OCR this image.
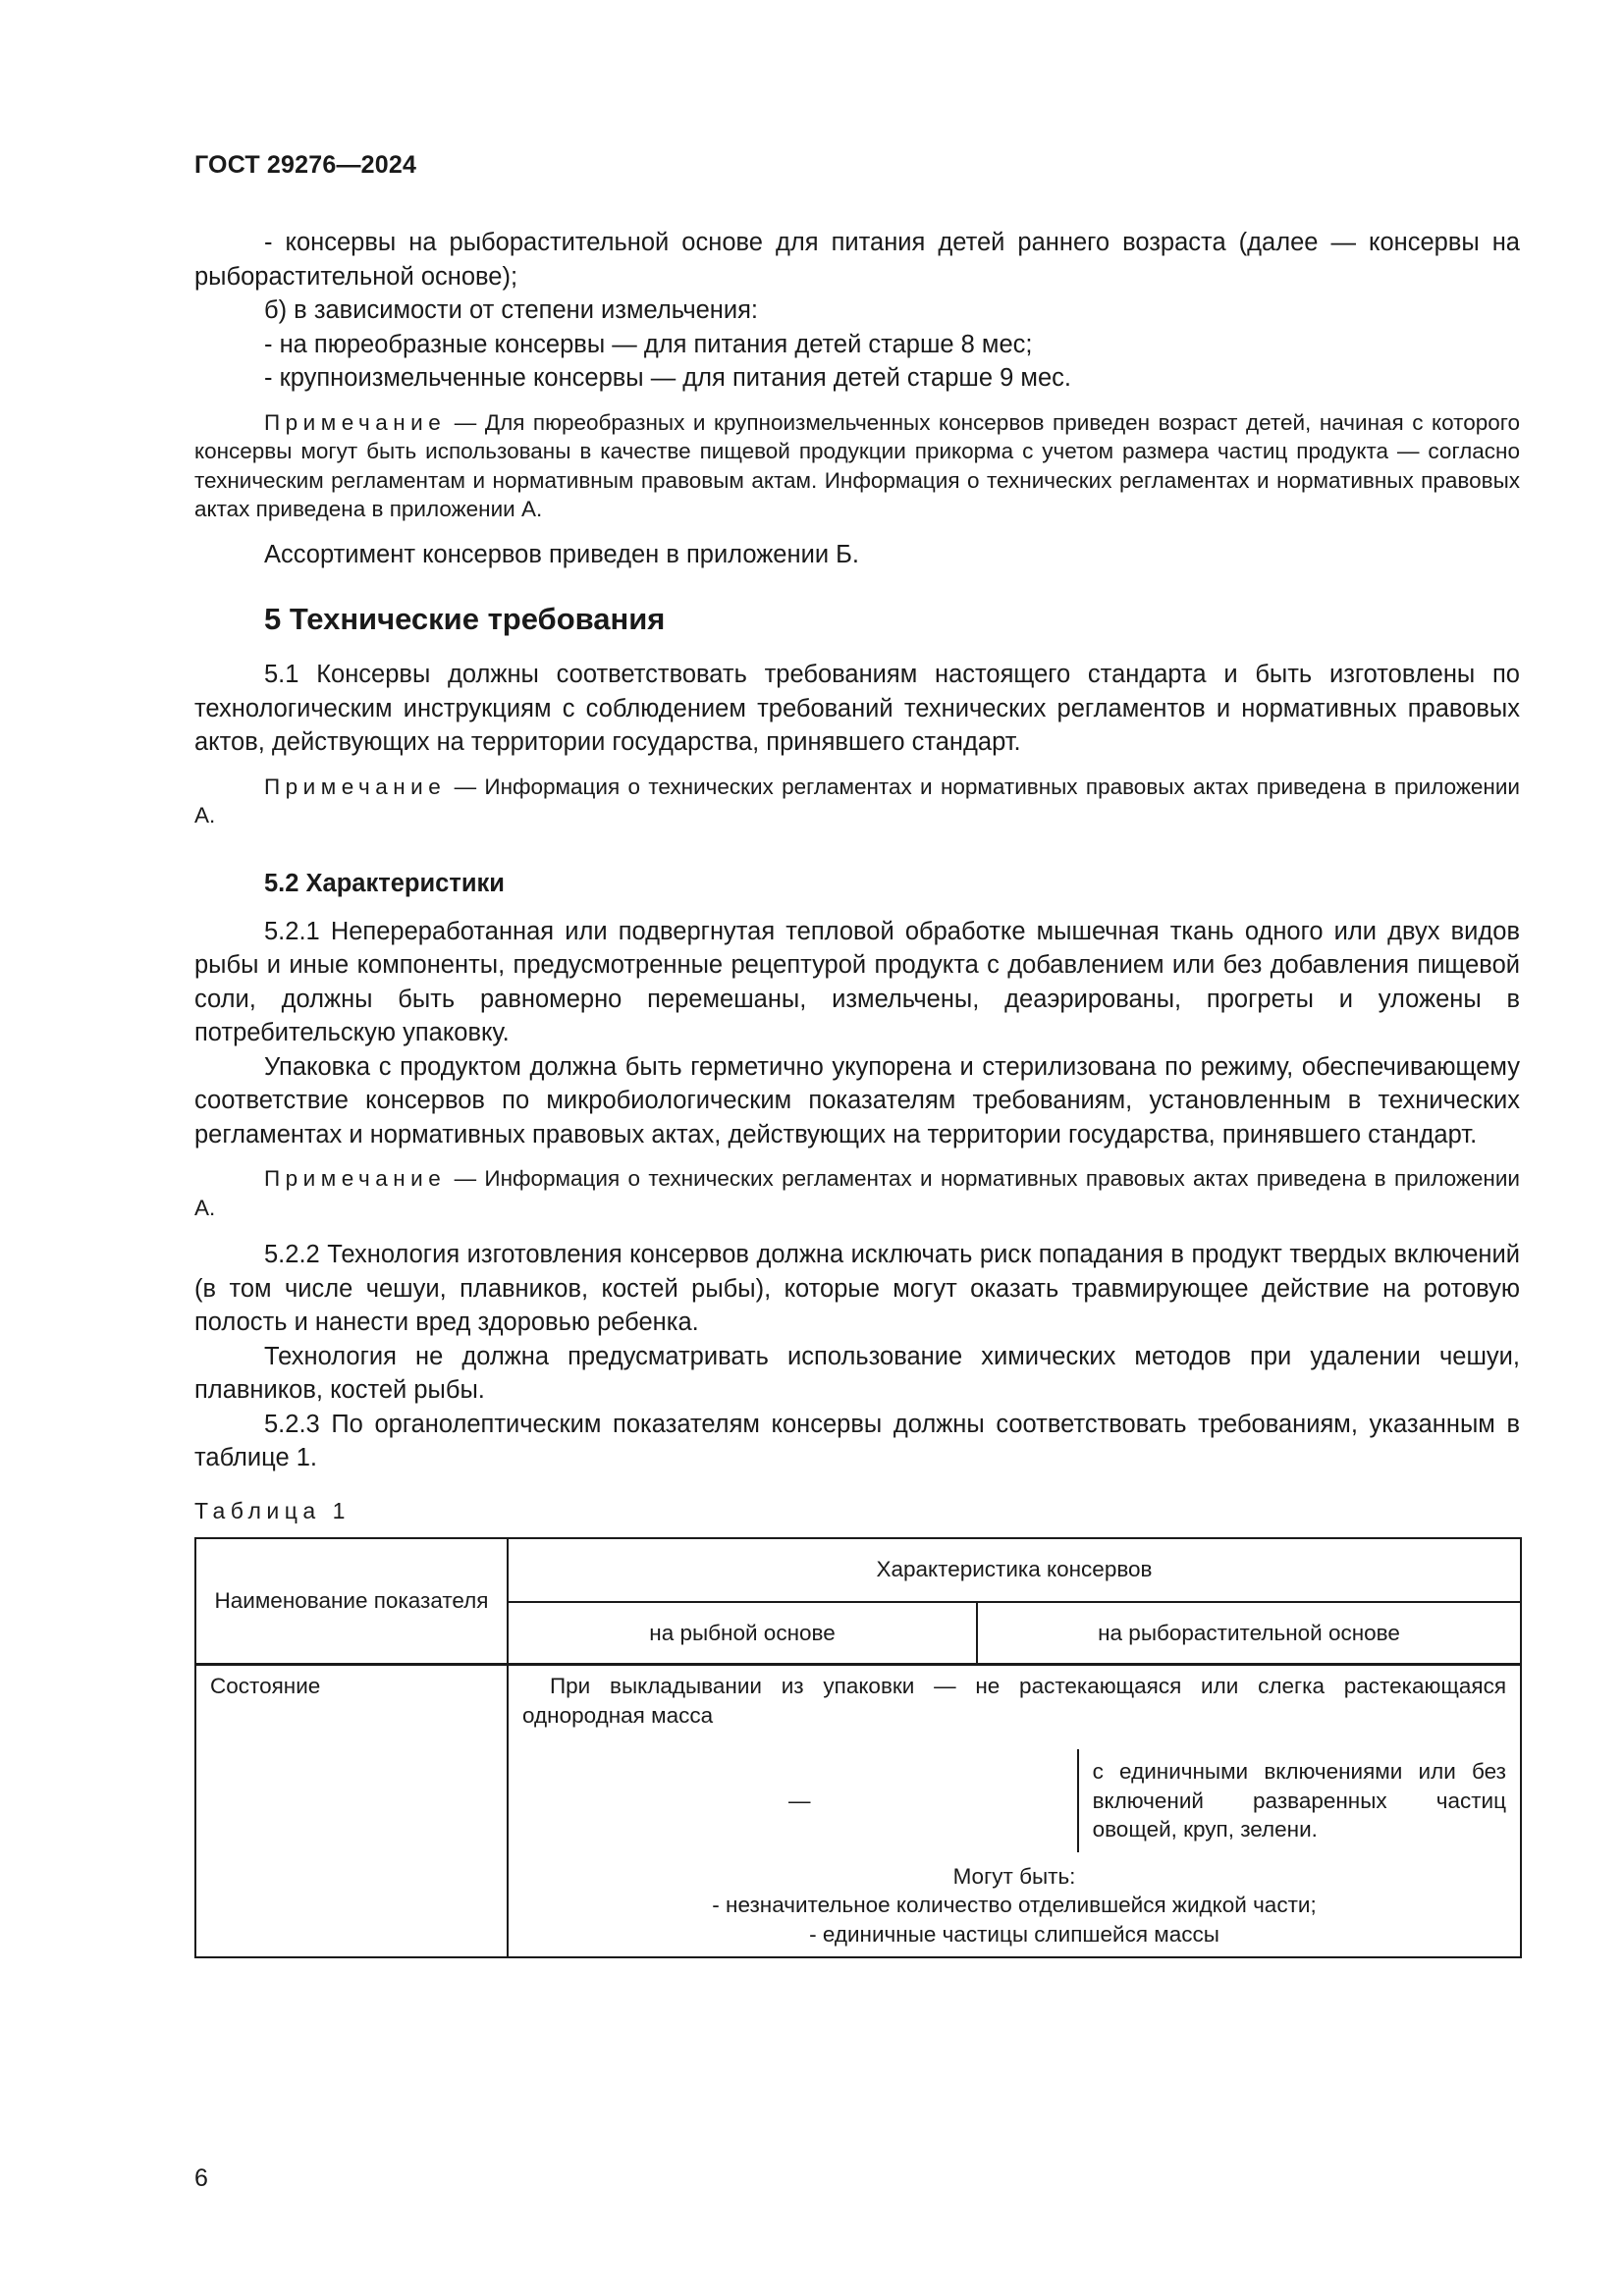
ГОСТ 29276—2024

- консервы на рыборастительной основе для питания детей раннего возраста (далее — консервы на рыборастительной основе);

б) в зависимости от степени измельчения:

- на пюреобразные консервы — для питания детей старше 8 мес;

- крупноизмельченные консервы — для питания детей старше 9 мес.

Примечание — Для пюреобразных и крупноизмельченных консервов приведен возраст детей, начиная с которого консервы могут быть использованы в качестве пищевой продукции прикорма с учетом размера частиц продукта — согласно техническим регламентам и нормативным правовым актам. Информация о технических регламентах и нормативных правовых актах приведена в приложении А.

Ассортимент консервов приведен в приложении Б.

5 Технические требования

5.1 Консервы должны соответствовать требованиям настоящего стандарта и быть изготовлены по технологическим инструкциям с соблюдением требований технических регламентов и нормативных правовых актов, действующих на территории государства, принявшего стандарт.

Примечание — Информация о технических регламентах и нормативных правовых актах приведена в приложении А.

5.2 Характеристики

5.2.1 Непереработанная или подвергнутая тепловой обработке мышечная ткань одного или двух видов рыбы и иные компоненты, предусмотренные рецептурой продукта с добавлением или без добавления пищевой соли, должны быть равномерно перемешаны, измельчены, деаэрированы, прогреты и уложены в потребительскую упаковку.

Упаковка с продуктом должна быть герметично укупорена и стерилизована по режиму, обеспечивающему соответствие консервов по микробиологическим показателям требованиям, установленным в технических регламентах и нормативных правовых актах, действующих на территории государства, принявшего стандарт.

Примечание — Информация о технических регламентах и нормативных правовых актах приведена в приложении А.

5.2.2 Технология изготовления консервов должна исключать риск попадания в продукт твердых включений (в том числе чешуи, плавников, костей рыбы), которые могут оказать травмирующее действие на ротовую полость и нанести вред здоровью ребенка.

Технология не должна предусматривать использование химических методов при удалении чешуи, плавников, костей рыбы.

5.2.3 По органолептическим показателям консервы должны соответствовать требованиям, указанным в таблице 1.

Таблица 1

Наименование показателя	Характеристика консервов
на рыбной основе	на рыборастительной основе
Состояние	При выкладывании из упаковки — не растекающаяся или слегка растекающаяся однородная масса
—	с единичными включениями или без включений разваренных частиц овощей, круп, зелени.
Могут быть:
- незначительное количество отделившейся жидкой части;
- единичные частицы слипшейся массы
6
